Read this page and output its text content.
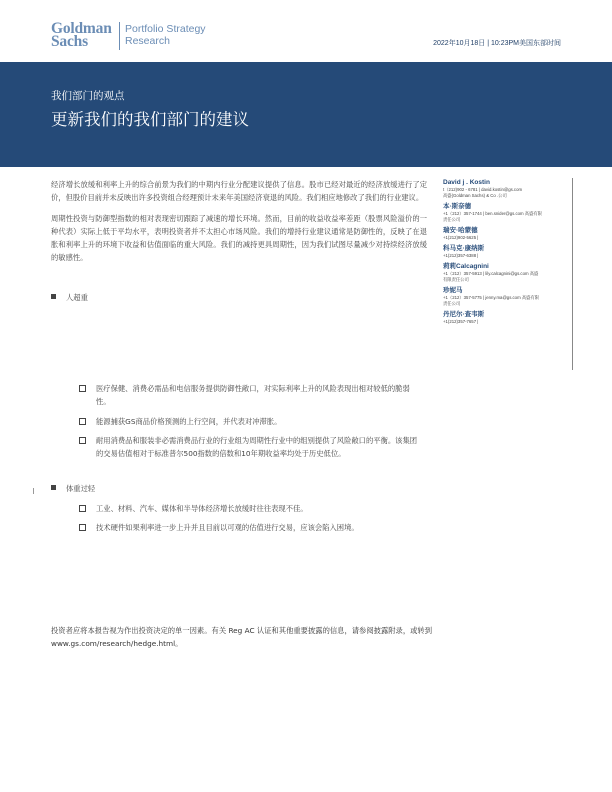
Goldman
Sachs
Portfolio Strategy
Research	2022年10月18日 | 10:23PM美国东部时间
我们部门的观点
更新我们的我们部门的建议

经济增长放缓和利率上升的综合前景为我们的中期内行业分配建议提供了信息。股市已经对最近的经济放缓进行了定价，但股价目前并未反映出许多投资组合经理预计未来年美国经济衰退的风险。我们相应地修改了我们的行业建议。

周期性投资与防御型指数的相对表现密切跟踪了减速的增长环境。然而，目前的收益收益率差距（股票风险溢价的一种代表）实际上低于平均水平，表明投资者并不太担心市场风险。我们的增持行业建议通常是防御性的，反映了在退胀和利率上升的环境下收益和估值面临的重大风险。我们的减持更具周期性，因为我们试图尽量减少对持续经济放缓的敏感性。

人超重
医疗保健、消费必需品和电信服务提供防御性敞口，对实际利率上升的风险表现出相对较低的脆弱性。
能源捕获GS商品价格预测的上行空间，并代表对冲滞胀。
耐用消费品和服装非必需消费品行业的行业组为周期性行业中的组别提供了风险敞口的平衡。该集团的交易估值相对于标准普尔500指数的倍数和10年期收益率均处于历史低位。
体重过轻
工业、材料、汽车、媒体和半导体经济增长放缓时往往表现不佳。
技术硬件如果利率进一步上升并且目前以可观的估值进行交易，应该会陷入困境。
David j . Kostin
t（212)902 - 6781 | david.kostin@gs.com
高盛(Goldman Sachs) & Co .公司
本·斯奈德
+1（212）357-1744 | ben.snider@gs.com 高盛有限
责任公司
瑞安·哈蒙德
+1(212)902-5625 |
科马克·康纳斯
+1(212)357-6388 |
莉莉Calcagnini
+1（212）357-5913 | lily.calcagnini@gs.com 高盛
有限责任公司
珍妮马
+1（212）357-5775 | jenny.ma@gs.com 高盛有限
责任公司
丹尼尔·查韦斯
+1(212)357-7657 |
投资者应将本报告视为作出投资决定的单一因素。有关 Reg AC 认证和其他重要披露的信息，请参阅披露附录，或转到 www.gs.com/research/hedge.html。
